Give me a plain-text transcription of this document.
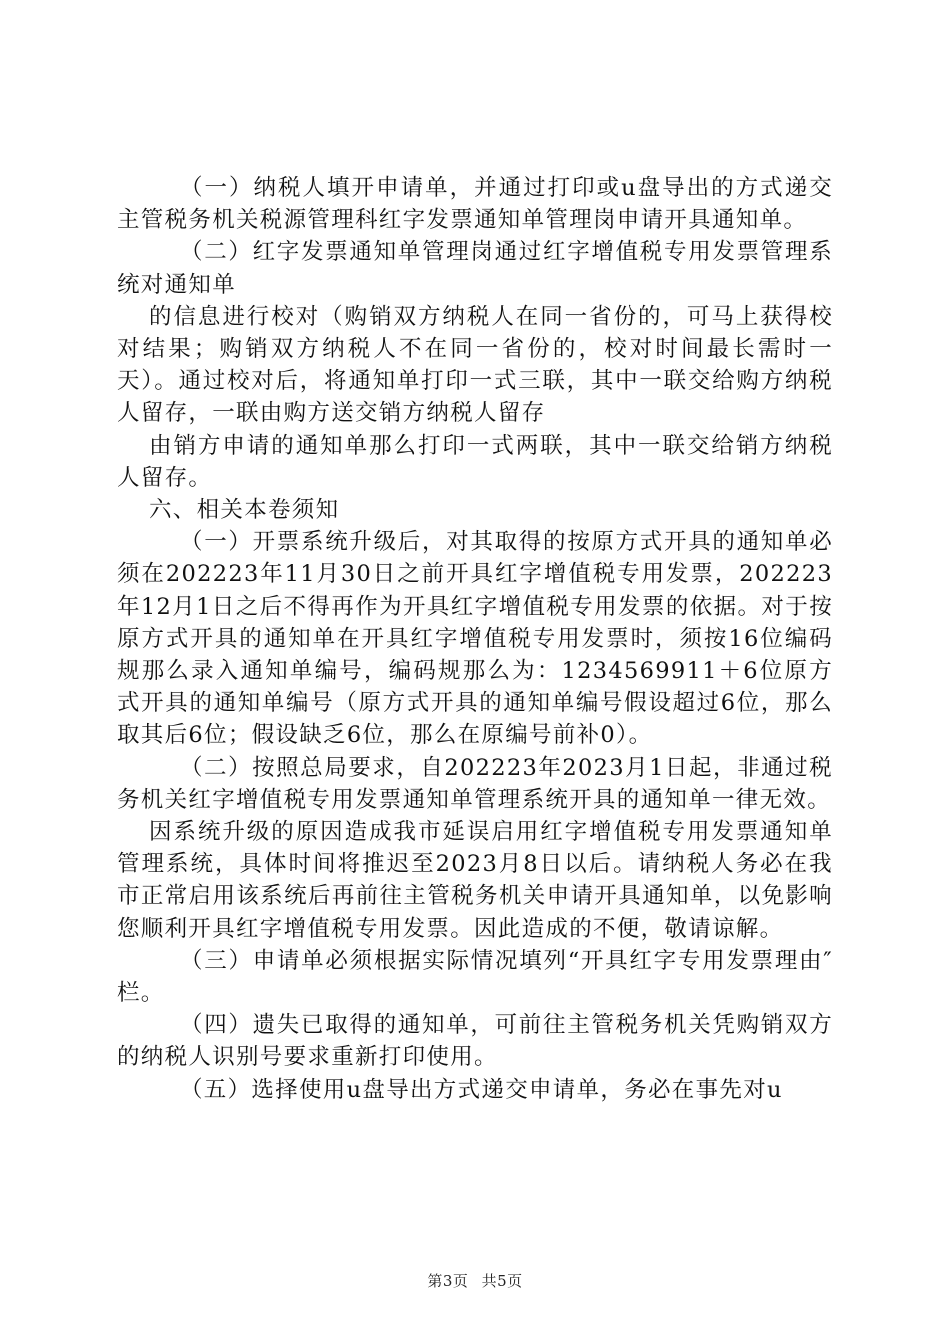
（一）纳税人填开申请单，并通过打印或u盘导出的方式递交主管税务机关税源管理科红字发票通知单管理岗申请开具通知单。

（二）红字发票通知单管理岗通过红字增值税专用发票管理系统对通知单

的信息进行校对（购销双方纳税人在同一省份的，可马上获得校对结果；购销双方纳税人不在同一省份的，校对时间最长需时一天）。通过校对后，将通知单打印一式三联，其中一联交给购方纳税人留存，一联由购方送交销方纳税人留存

由销方申请的通知单那么打印一式两联，其中一联交给销方纳税人留存。

六、相关本卷须知

（一）开票系统升级后，对其取得的按原方式开具的通知单必须在202223年11月30日之前开具红字增值税专用发票，202223年12月1日之后不得再作为开具红字增值税专用发票的依据。对于按原方式开具的通知单在开具红字增值税专用发票时，须按16位编码规那么录入通知单编号，编码规那么为：1234569911＋6位原方式开具的通知单编号（原方式开具的通知单编号假设超过6位，那么取其后6位；假设缺乏6位，那么在原编号前补0）。

（二）按照总局要求，自202223年2023月1日起，非通过税务机关红字增值税专用发票通知单管理系统开具的通知单一律无效。

因系统升级的原因造成我市延误启用红字增值税专用发票通知单管理系统，具体时间将推迟至2023月8日以后。请纳税人务必在我市正常启用该系统后再前往主管税务机关申请开具通知单，以免影响您顺利开具红字增值税专用发票。因此造成的不便，敬请谅解。

（三）申请单必须根据实际情况填列“开具红字专用发票理由″栏。

（四）遗失已取得的通知单，可前往主管税务机关凭购销双方的纳税人识别号要求重新打印使用。

（五）选择使用u盘导出方式递交申请单，务必在事先对u

第3页 共5页
